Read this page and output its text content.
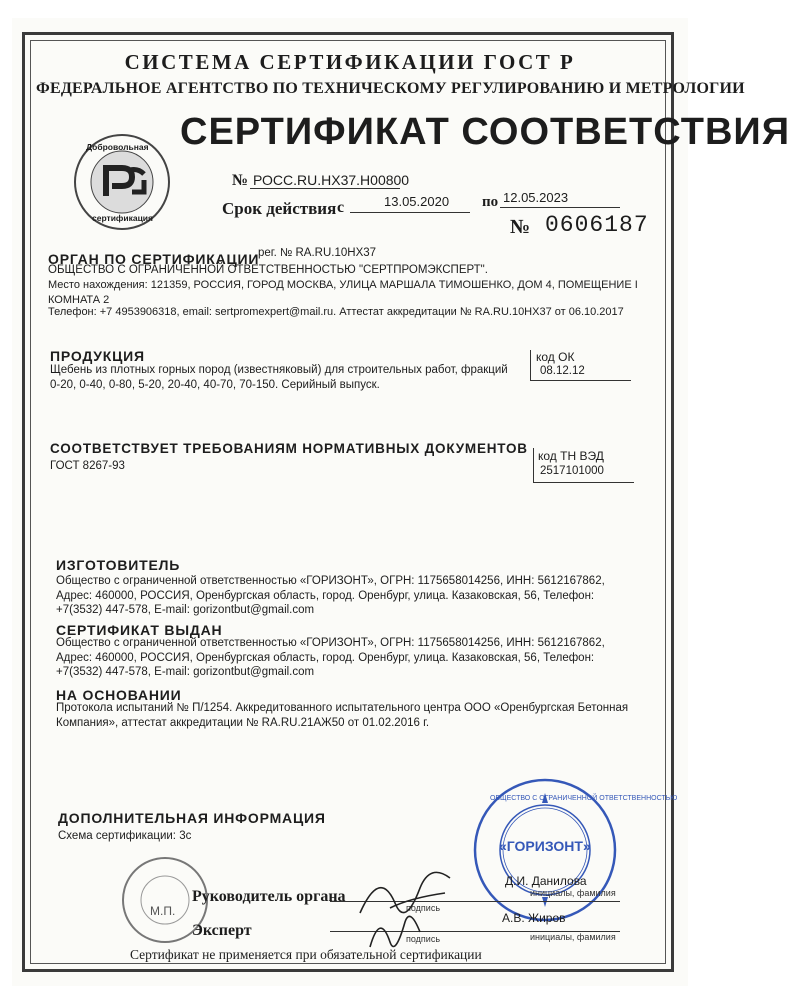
СИСТЕМА СЕРТИФИКАЦИИ ГОСТ Р
ФЕДЕРАЛЬНОЕ АГЕНТСТВО ПО ТЕХНИЧЕСКОМУ РЕГУЛИРОВАНИЮ И МЕТРОЛОГИИ
СЕРТИФИКАТ СООТВЕТСТВИЯ
Добровольная
сертификация
№ РОСС.RU.HX37.H00800
Срок действия с	13.05.2020 по 12.05.2023
№ 0606187
ОРГАН ПО СЕРТИФИКАЦИИ
рег. № RA.RU.10HX37
ОБЩЕСТВО С ОГРАНИЧЕННОЙ ОТВЕТСТВЕННОСТЬЮ "СЕРТПРОМЭКСПЕРТ".
Место нахождения: 121359, РОССИЯ, ГОРОД МОСКВА, УЛИЦА МАРШАЛА ТИМОШЕНКО, ДОМ 4, ПОМЕЩЕНИЕ I
КОМНАТА 2
Телефон: +7 4953906318, email: sertpromexpert@mail.ru. Аттестат аккредитации № RA.RU.10HX37 от 06.10.2017
ПРОДУКЦИЯ
Щебень из плотных горных пород (известняковый) для строительных работ, фракций 0-20, 0-40, 0-80, 5-20, 20-40, 40-70, 70-150. Серийный выпуск.
код ОК
08.12.12
СООТВЕТСТВУЕТ ТРЕБОВАНИЯМ НОРМАТИВНЫХ ДОКУМЕНТОВ
ГОСТ 8267-93
код ТН ВЭД
2517101000
ИЗГОТОВИТЕЛЬ
Общество с ограниченной ответственностью «ГОРИЗОНТ», ОГРН: 1175658014256, ИНН: 5612167862, Адрес: 460000, РОССИЯ, Оренбургская область, город. Оренбург, улица. Казаковская, 56, Телефон: +7(3532) 447-578, E-mail: gorizontbut@gmail.com
СЕРТИФИКАТ ВЫДАН
Общество с ограниченной ответственностью «ГОРИЗОНТ», ОГРН: 1175658014256, ИНН: 5612167862, Адрес: 460000, РОССИЯ, Оренбургская область, город. Оренбург, улица. Казаковская, 56, Телефон: +7(3532) 447-578, E-mail: gorizontbut@gmail.com
НА ОСНОВАНИИ
Протокола испытаний № П/1254. Аккредитованного испытательного центра ООО «Оренбургская Бетонная Компания», аттестат аккредитации № RA.RU.21АЖ50 от 01.02.2016 г.
ДОПОЛНИТЕЛЬНАЯ ИНФОРМАЦИЯ
Схема сертификации: 3с
«ГОРИЗОНТ»
ОБЩЕСТВО С ОГРАНИЧЕННОЙ ОТВЕТСТВЕННОСТЬЮ
М.П.
Руководитель органа
подпись
Д.И. Данилова
инициалы, фамилия
Эксперт	подпись
А.В. Жиров
инициалы, фамилия
Сертификат не применяется при обязательной сертификации
